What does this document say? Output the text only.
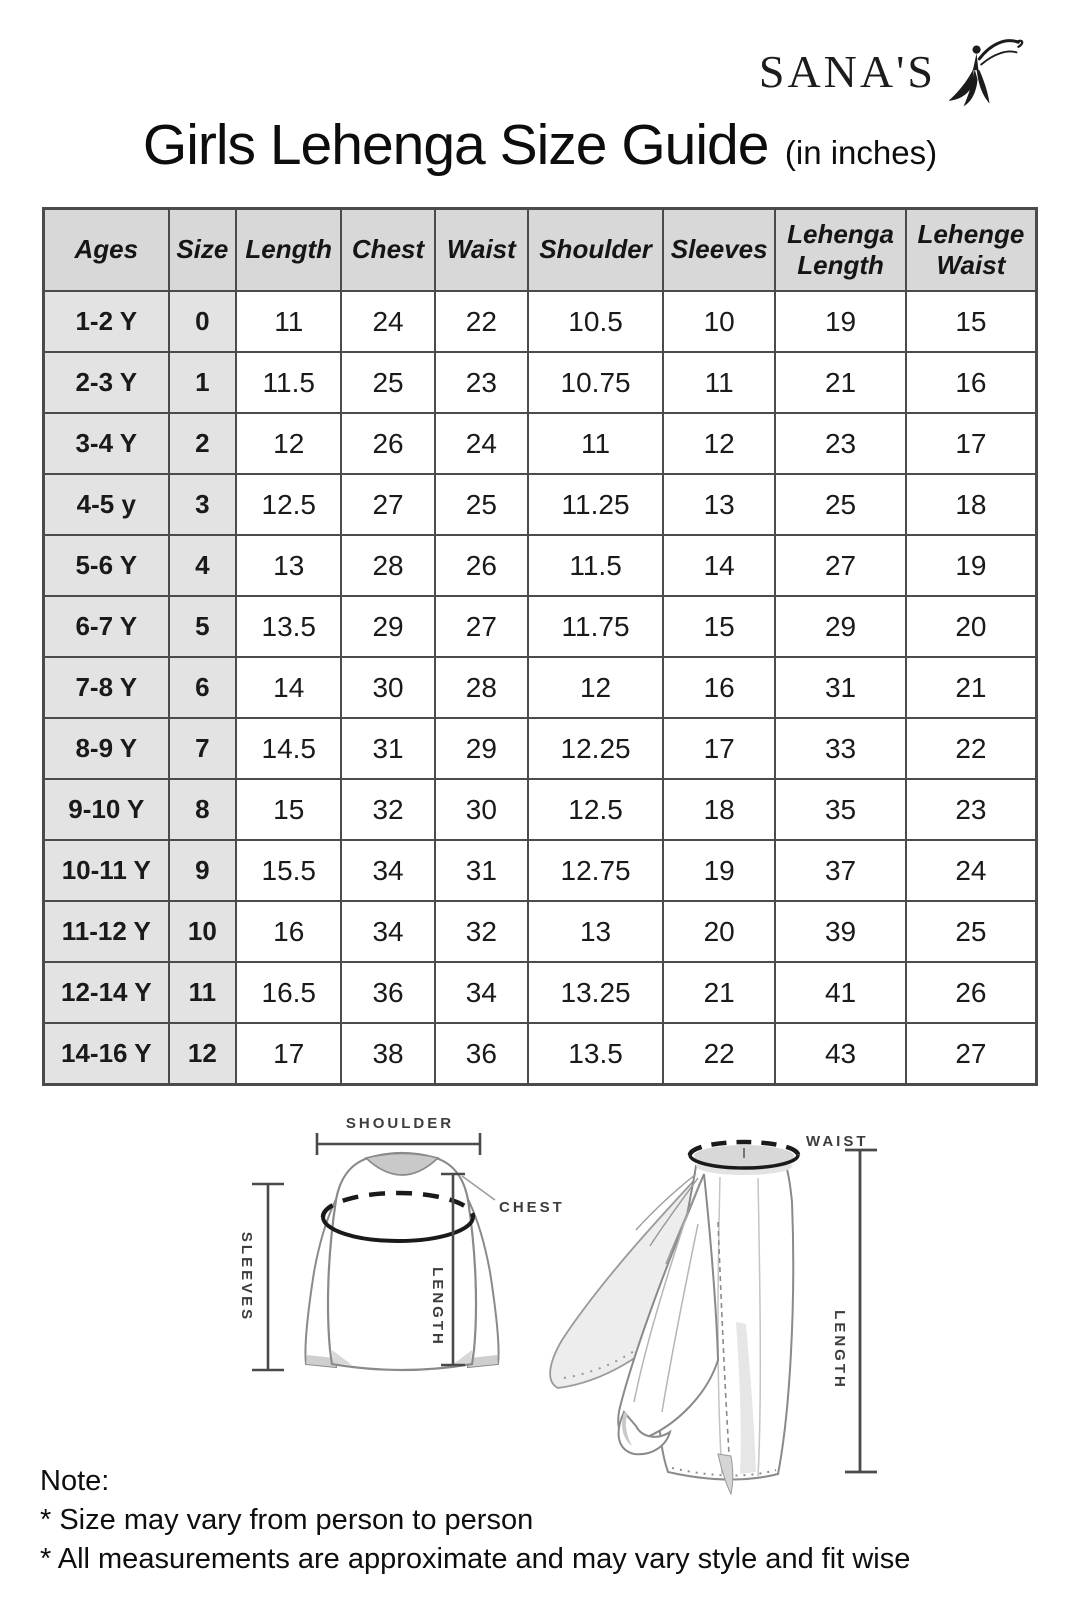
SANA'S
Girls Lehenga Size Guide (in inches)
Ages	Size	Length	Chest	Waist	Shoulder	Sleeves	Lehenga Length	Lehenge Waist
1-2 Y	0	11	24	22	10.5	10	19	15
2-3 Y	1	11.5	25	23	10.75	11	21	16
3-4 Y	2	12	26	24	11	12	23	17
4-5 y	3	12.5	27	25	11.25	13	25	18
5-6 Y	4	13	28	26	11.5	14	27	19
6-7 Y	5	13.5	29	27	11.75	15	29	20
7-8 Y	6	14	30	28	12	16	31	21
8-9 Y	7	14.5	31	29	12.25	17	33	22
9-10 Y	8	15	32	30	12.5	18	35	23
10-11 Y	9	15.5	34	31	12.75	19	37	24
11-12 Y	10	16	34	32	13	20	39	25
12-14 Y	11	16.5	36	34	13.25	21	41	26
14-16 Y	12	17	38	36	13.5	22	43	27
SHOULDER
CHEST
SLEEVES	LENGTH
WAIST
LENGTH
Note:
* Size may vary from person to person
* All measurements are approximate and may vary style and fit wise
